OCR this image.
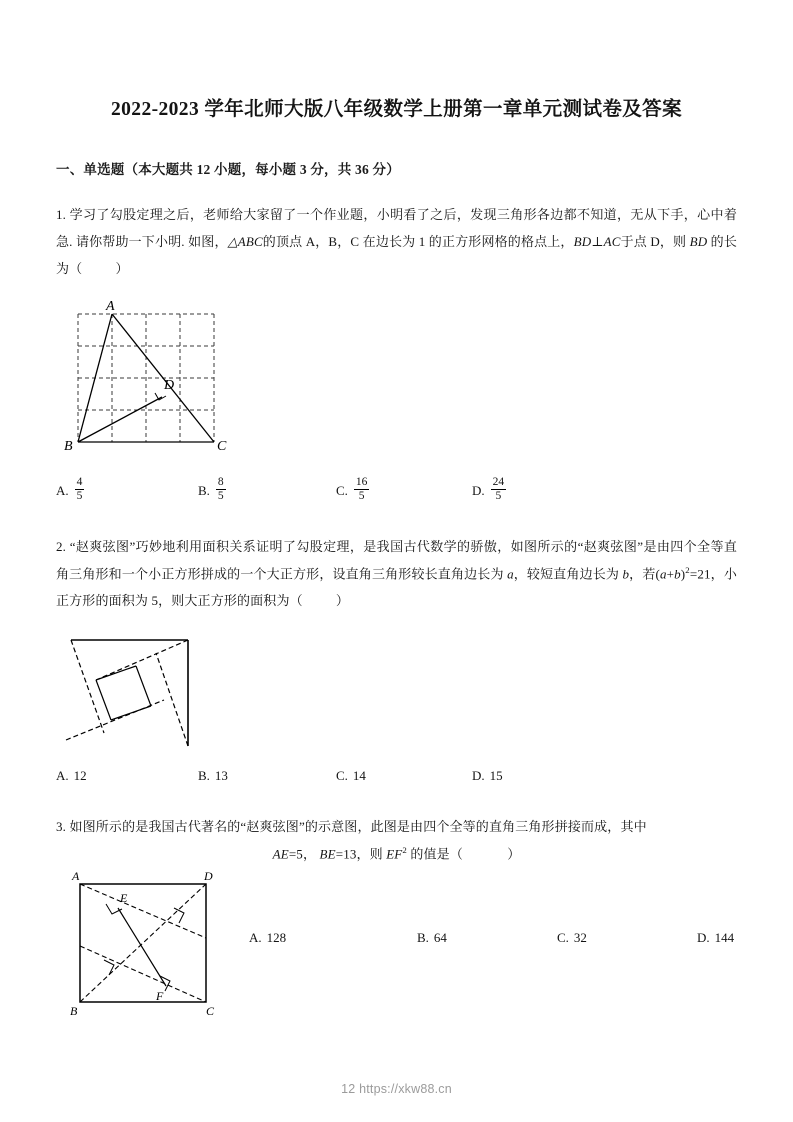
2022-2023 学年北师大版八年级数学上册第一章单元测试卷及答案
一、单选题（本大题共 12 小题，每小题 3 分，共 36 分）
1. 学习了勾股定理之后，老师给大家留了一个作业题，小明看了之后，发现三角形各边都不知道，无从下手，心中着急. 请你帮助一下小明. 如图，△ABC的顶点 A，B，C 在边长为 1 的正方形网格的格点上，BD⊥AC于点 D，则 BD 的长为（	）
A
B	C
D
A. $\frac{4}{5}$	B. $\frac{8}{5}$	C. $\frac{16}{5}$	D. $\frac{24}{5}$
2. “赵爽弦图”巧妙地利用面积关系证明了勾股定理，是我国古代数学的骄傲，如图所示的“赵爽弦图”是由四个全等直角三角形和一个小正方形拼成的一个大正方形，设直角三角形较长直角边长为 a，较短直角边长为 b，若$(a+b)^2=21$，小正方形的面积为 5，则大正方形的面积为（	）
A. 12	B. 13	C. 14	D. 15
3. 如图所示的是我国古代著名的“赵爽弦图”的示意图，此图是由四个全等的直角三角形拼接而成，其中
AE=5， BE=13，则 $EF^2$ 的值是（	）
A	D
B	C
E
F
A. 128	B. 64	C. 32	D. 144
12 https://xkw88.cn
